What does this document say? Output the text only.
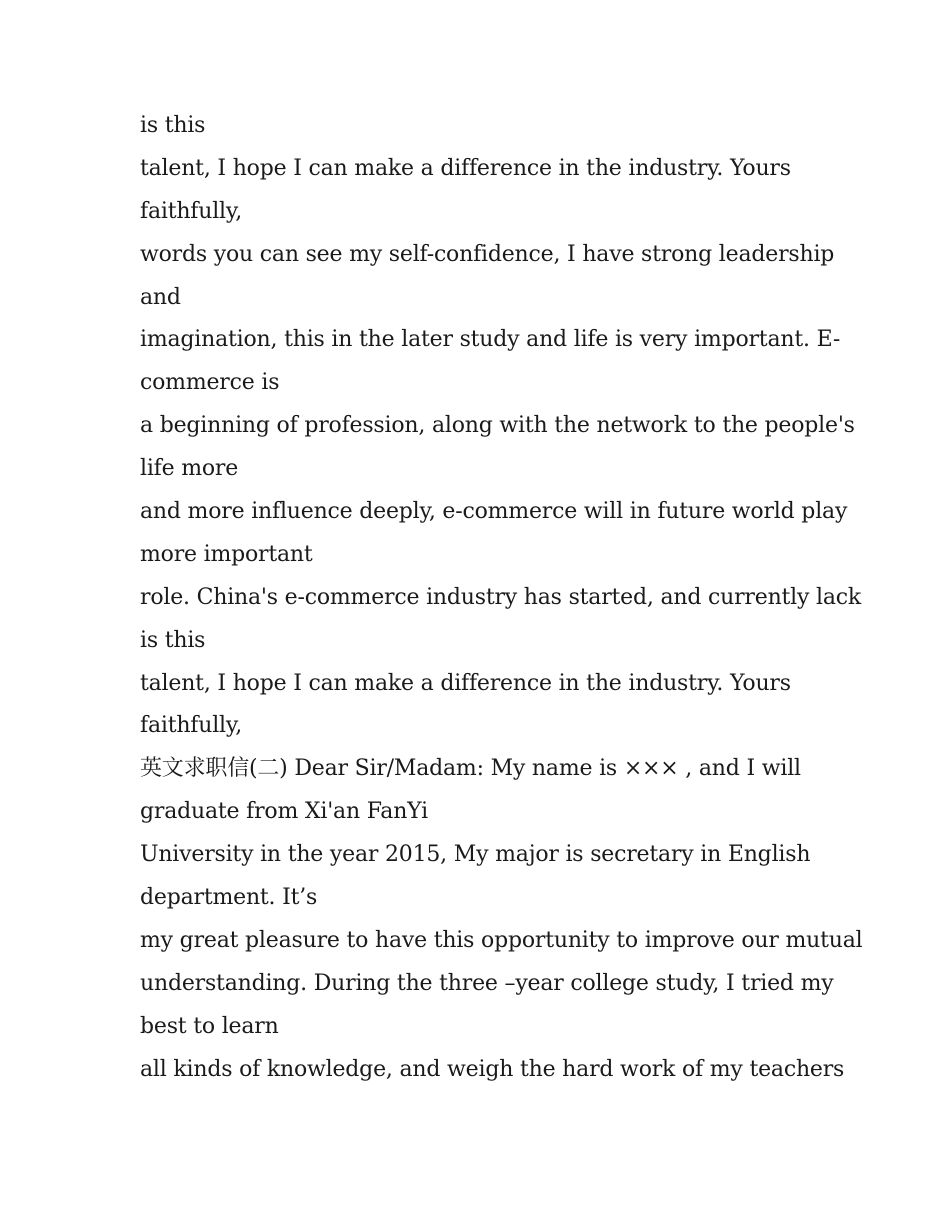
is this
talent, I hope I can make a difference in the industry. Yours
faithfully,
words you can see my self-confidence, I have strong leadership
and
imagination, this in the later study and life is very important. E-
commerce is
a beginning of profession, along with the network to the people's
life more
and more influence deeply, e-commerce will in future world play
more important
role. China's e-commerce industry has started, and currently lack
is this
talent, I hope I can make a difference in the industry. Yours
faithfully,
英文求职信(二) Dear Sir/Madam: My name is ××× , and I will
graduate from Xi'an FanYi
University in the year 2015, My major is secretary in English
department. It’s
my great pleasure to have this opportunity to improve our mutual
understanding. During the three –year college study, I tried my
best to learn
all kinds of knowledge, and weigh the hard work of my teachers
